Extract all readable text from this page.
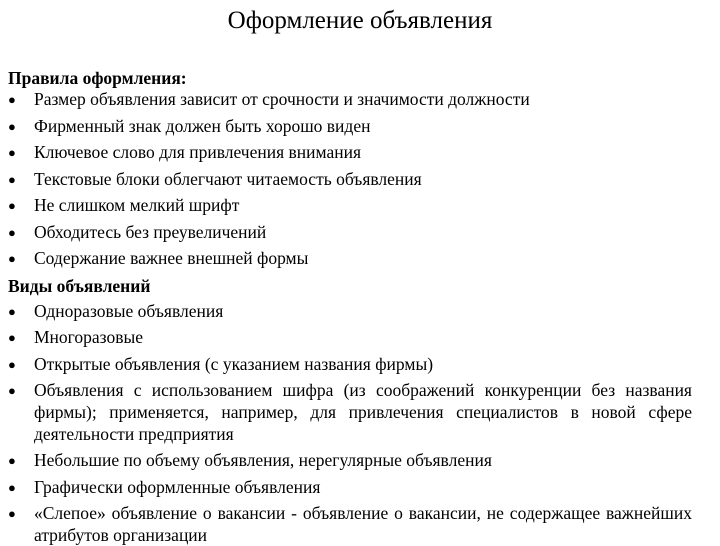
Оформление объявления
Правила оформления:
●	Размер объявления зависит от срочности и значимости должности
●	Фирменный знак должен быть хорошо виден
●	Ключевое слово для привлечения внимания
●	Текстовые блоки облегчают читаемость объявления
●	Не слишком мелкий шрифт
●	Обходитесь без преувеличений
●	Содержание важнее внешней формы
Виды объявлений
●	Одноразовые объявления
●	Многоразовые
●	Открытые объявления (с указанием названия фирмы)
●	Объявления с использованием шифра (из соображений конкуренции без названия фирмы); применяется, например, для привлечения специалистов в новой сфере деятельности предприятия
●	Небольшие по объему объявления, нерегулярные объявления
●	Графически оформленные объявления
●	«Слепое» объявление о вакансии - объявление о вакансии, не содержащее важнейших атрибутов организации
